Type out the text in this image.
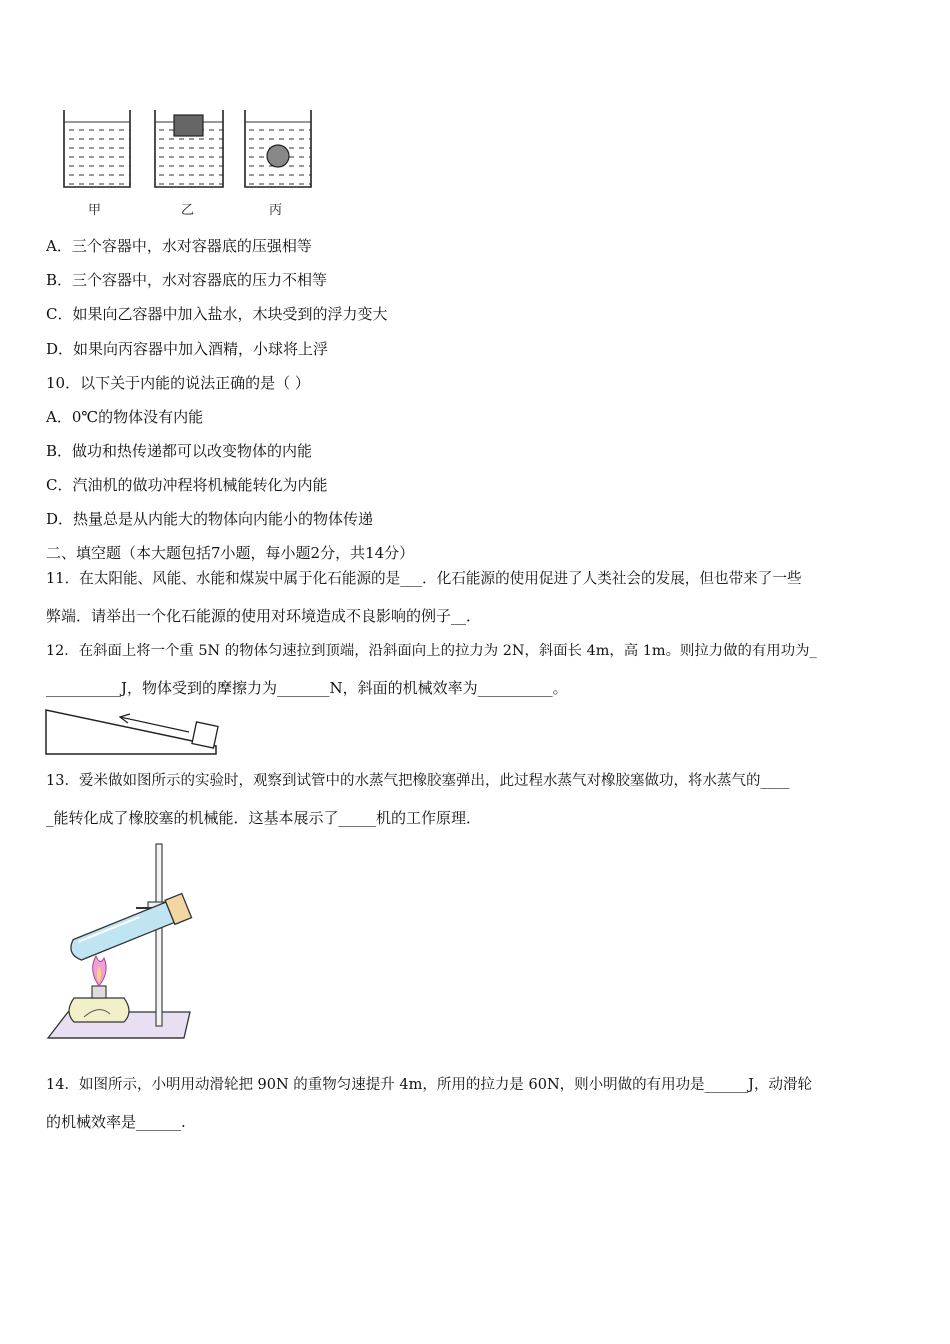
甲	乙	丙
A．三个容器中，水对容器底的压强相等
B．三个容器中，水对容器底的压力不相等
C．如果向乙容器中加入盐水，木块受到的浮力变大
D．如果向丙容器中加入酒精，小球将上浮
10．以下关于内能的说法正确的是（ ）
A．0℃的物体没有内能
B．做功和热传递都可以改变物体的内能
C．汽油机的做功冲程将机械能转化为内能
D．热量总是从内能大的物体向内能小的物体传递
二、填空题（本大题包括7小题，每小题2分，共14分）
11．在太阳能、风能、水能和煤炭中属于化石能源的是___．化石能源的使用促进了人类社会的发展，但也带来了一些
弊端．请举出一个化石能源的使用对环境造成不良影响的例子__．
12．在斜面上将一个重 5N 的物体匀速拉到顶端，沿斜面向上的拉力为 2N，斜面长 4m，高 1m。则拉力做的有用功为_
__________J，物体受到的摩擦力为_______N，斜面的机械效率为__________。
13．爱米做如图所示的实验时，观察到试管中的水蒸气把橡胶塞弹出，此过程水蒸气对橡胶塞做功，将水蒸气的____
_能转化成了橡胶塞的机械能．这基本展示了_____机的工作原理．
14．如图所示，小明用动滑轮把 90N 的重物匀速提升 4m，所用的拉力是 60N，则小明做的有用功是______J，动滑轮
的机械效率是______.
